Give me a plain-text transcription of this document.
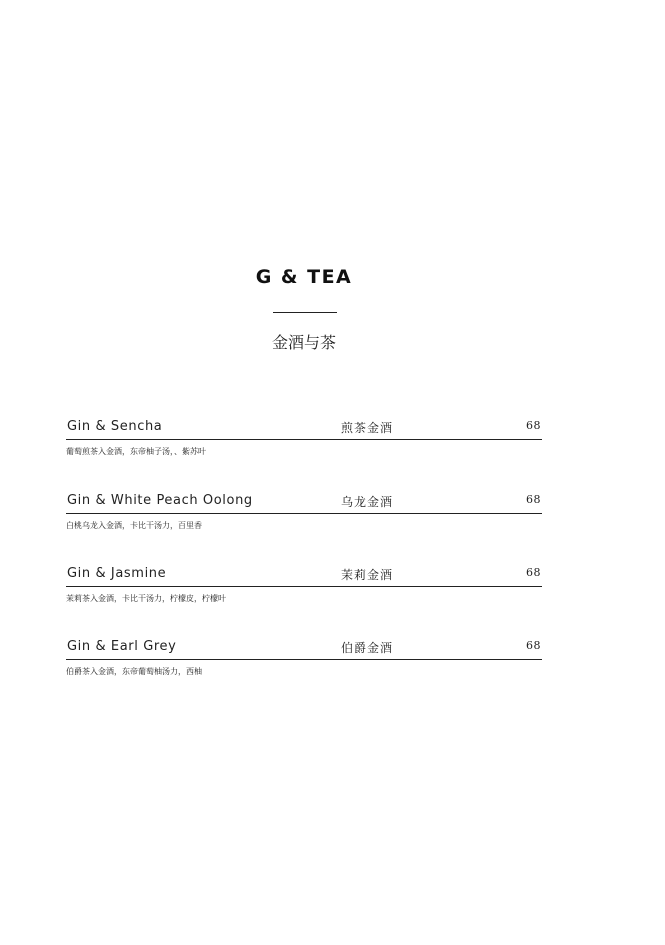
G & TEA
金酒与茶
Gin & Sencha	煎茶金酒	68
葡萄煎茶入金酒，东帝柚子汤，、紫苏叶
Gin & White Peach Oolong	乌龙金酒	68
白桃乌龙入金酒，卡比干汤力，百里香
Gin & Jasmine	茉莉金酒	68
茉莉茶入金酒，卡比干汤力，柠檬皮，柠檬叶
Gin & Earl Grey	伯爵金酒	68
伯爵茶入金酒，东帝葡萄柚汤力，西柚
